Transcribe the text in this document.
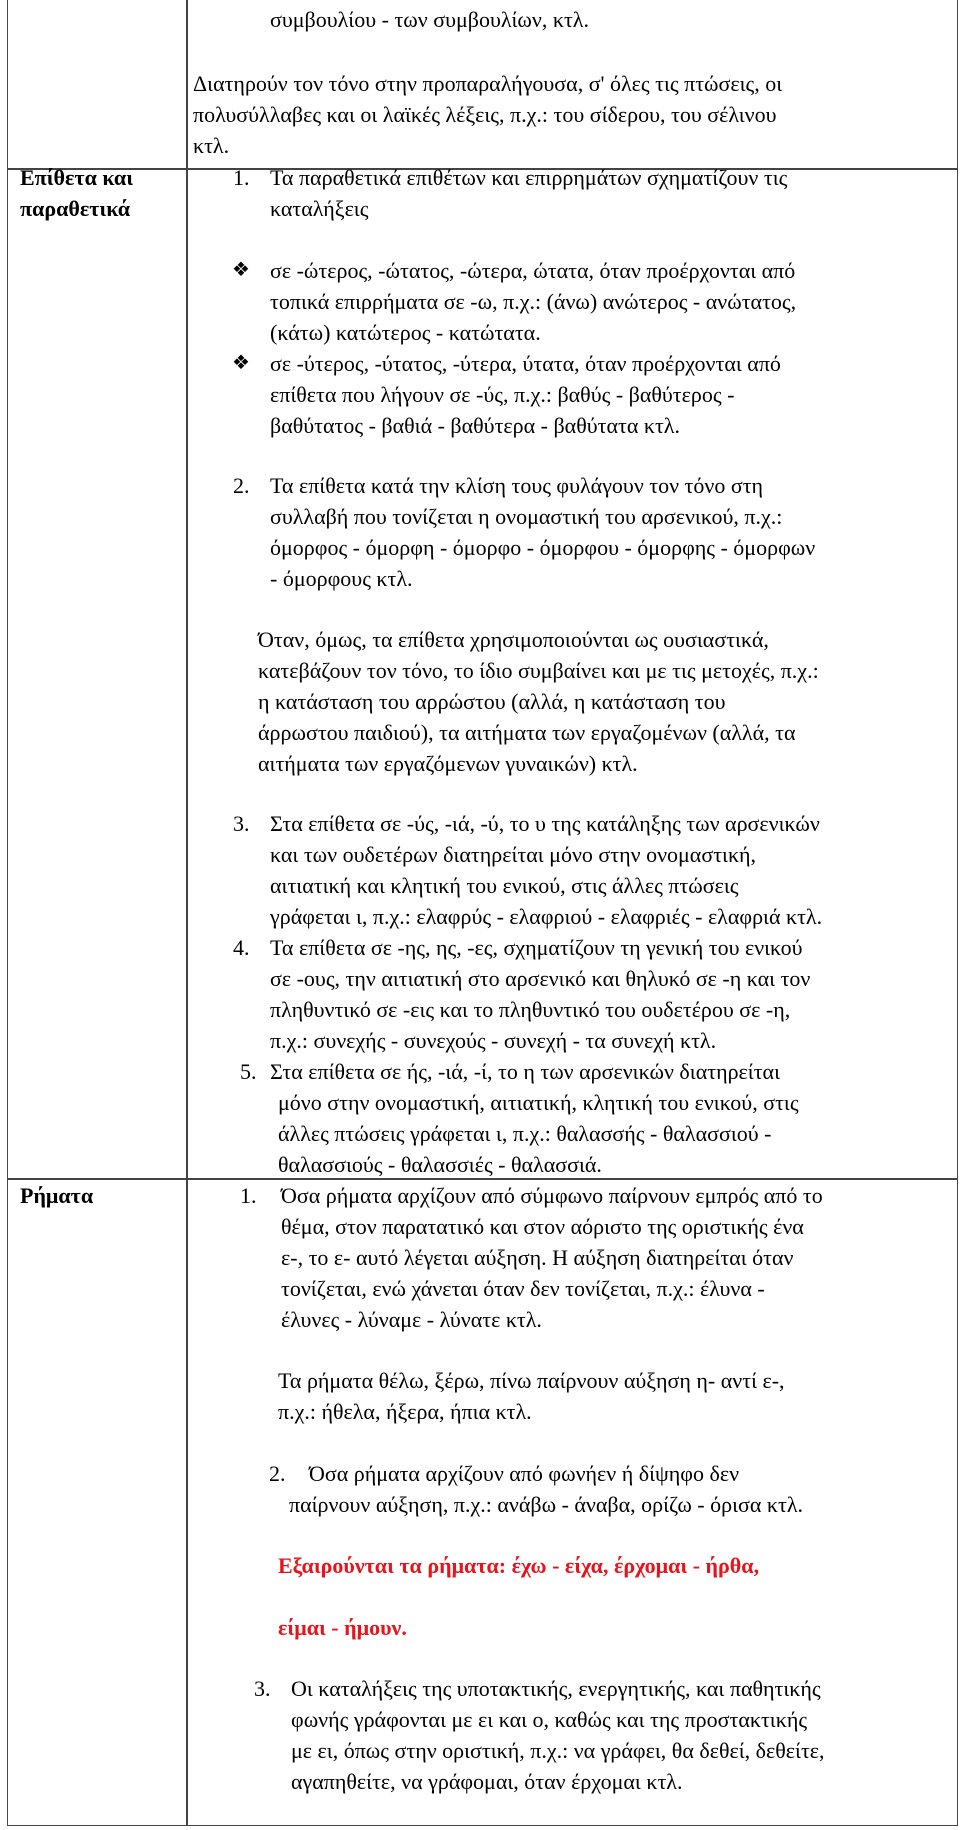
συμβουλίου - των συμβουλίων, κτλ.
Διατηρούν τον τόνο στην προπαραλήγουσα, σ' όλες τις πτώσεις, οι
πολυσύλλαβες και οι λαϊκές λέξεις, π.χ.: του σίδερου, του σέλινου
κτλ.
Επίθετα και
παραθετικά
1. Τα παραθετικά επιθέτων και επιρρημάτων σχηματίζουν τις
καταλήξεις
❖ σε -ώτερος, -ώτατος, -ώτερα, ώτατα, όταν προέρχονται από
τοπικά επιρρήματα σε -ω, π.χ.: (άνω) ανώτερος - ανώτατος,
(κάτω) κατώτερος - κατώτατα.
❖ σε -ύτερος, -ύτατος, -ύτερα, ύτατα, όταν προέρχονται από
επίθετα που λήγουν σε -ύς, π.χ.: βαθύς - βαθύτερος -
βαθύτατος - βαθιά - βαθύτερα - βαθύτατα κτλ.
2. Τα επίθετα κατά την κλίση τους φυλάγουν τον τόνο στη
συλλαβή που τονίζεται η ονομαστική του αρσενικού, π.χ.:
όμορφος - όμορφη - όμορφο - όμορφου - όμορφης - όμορφων
- όμορφους κτλ.
Όταν, όμως, τα επίθετα χρησιμοποιούνται ως ουσιαστικά,
κατεβάζουν τον τόνο, το ίδιο συμβαίνει και με τις μετοχές, π.χ.:
η κατάσταση του αρρώστου (αλλά, η κατάσταση του
άρρωστου παιδιού), τα αιτήματα των εργαζομένων (αλλά, τα
αιτήματα των εργαζόμενων γυναικών) κτλ.
3. Στα επίθετα σε -ύς, -ιά, -ύ, το υ της κατάληξης των αρσενικών
και των ουδετέρων διατηρείται μόνο στην ονομαστική,
αιτιατική και κλητική του ενικού, στις άλλες πτώσεις
γράφεται ι, π.χ.: ελαφρύς - ελαφριού - ελαφριές - ελαφριά κτλ.
4. Τα επίθετα σε -ης, ης, -ες, σχηματίζουν τη γενική του ενικού
σε -ους, την αιτιατική στο αρσενικό και θηλυκό σε -η και τον
πληθυντικό σε -εις και το πληθυντικό του ουδετέρου σε -η,
π.χ.: συνεχής - συνεχούς - συνεχή - τα συνεχή κτλ.
5. Στα επίθετα σε ής, -ιά, -ί, το η των αρσενικών διατηρείται
μόνο στην ονομαστική, αιτιατική, κλητική του ενικού, στις
άλλες πτώσεις γράφεται ι, π.χ.: θαλασσής - θαλασσιού -
θαλασσιούς - θαλασσιές - θαλασσιά.
Ρήματα	1. Όσα ρήματα αρχίζουν από σύμφωνο παίρνουν εμπρός από το
θέμα, στον παρατατικό και στον αόριστο της οριστικής ένα
ε-, το ε- αυτό λέγεται αύξηση. Η αύξηση διατηρείται όταν
τονίζεται, ενώ χάνεται όταν δεν τονίζεται, π.χ.: έλυνα -
έλυνες - λύναμε - λύνατε κτλ.
Τα ρήματα θέλω, ξέρω, πίνω παίρνουν αύξηση η- αντί ε-,
π.χ.: ήθελα, ήξερα, ήπια κτλ.
2. Όσα ρήματα αρχίζουν από φωνήεν ή δίψηφο δεν
παίρνουν αύξηση, π.χ.: ανάβω - άναβα, ορίζω - όρισα κτλ.
Εξαιρούνται τα ρήματα: έχω - είχα, έρχομαι - ήρθα,
είμαι - ήμουν.
3. Οι καταλήξεις της υποτακτικής, ενεργητικής, και παθητικής
φωνής γράφονται με ει και ο, καθώς και της προστακτικής
με ει, όπως στην οριστική, π.χ.: να γράφει, θα δεθεί, δεθείτε,
αγαπηθείτε, να γράφομαι, όταν έρχομαι κτλ.
